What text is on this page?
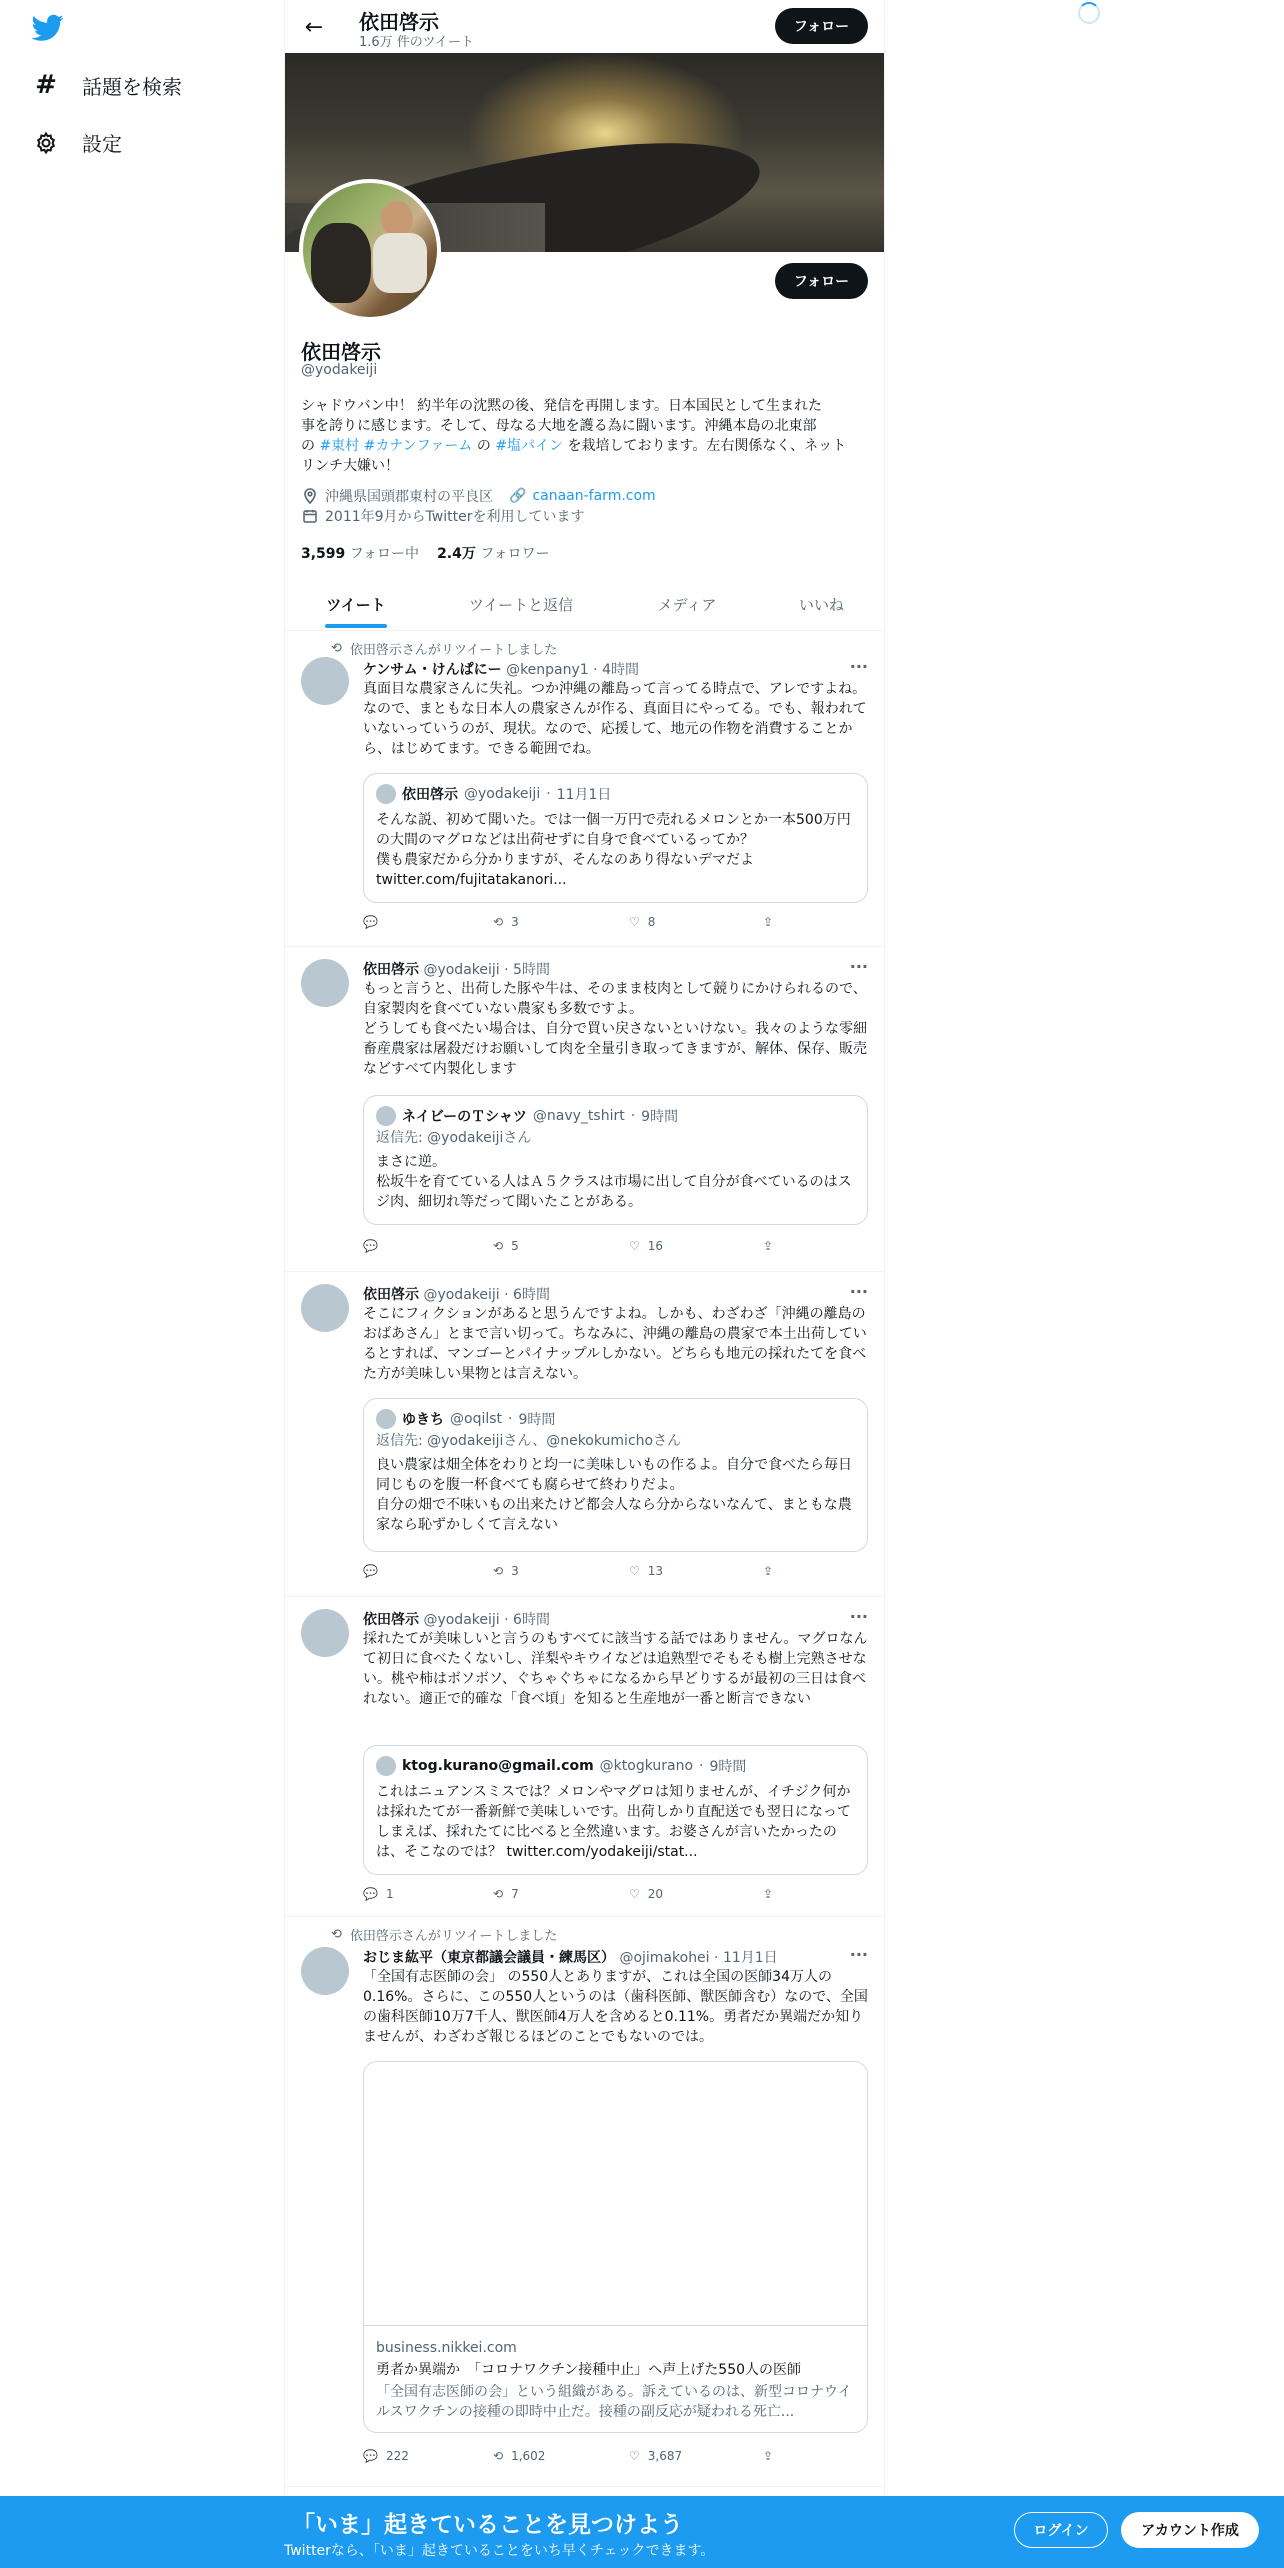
# 話題を検索
設定
←	依田啓示
1.6万 件のツイート
フォロー
フォロー
依田啓示
@yodakeiji
シャドウバン中！ 約半年の沈黙の後、発信を再開します。日本国民として生まれた
事を誇りに感じます。そして、母なる大地を護る為に闘います。沖縄本島の北東部
の #東村 #カナンファーム の #塩パイン を栽培しております。左右関係なく、ネット
リンチ大嫌い！
沖縄県国頭郡東村の平良区 🔗 canaan-farm.com
2011年9月からTwitterを利用しています
3,599 フォロー中 2.4万 フォロワー
ツイート	ツイートと返信	メディア	いいね
⟲ 依田啓示さんがリツイートしました
ケンサム・けんぱにー @kenpany1 · 4時間	···
真面目な農家さんに失礼。つか沖縄の離島って言ってる時点で、アレですよね。なので、まともな日本人の農家さんが作る、真面目にやってる。でも、報われていないっていうのが、現状。なので、応援して、地元の作物を消費することから、はじめてます。できる範囲でね。
依田啓示 @yodakeiji · 11月1日
そんな説、初めて聞いた。では一個一万円で売れるメロンとか一本500万円の大間のマグロなどは出荷せずに自身で食べているってか？
僕も農家だから分かりますが、そんなのあり得ないデマだよ
twitter.com/fujitatakanori...
💬	⟲ 3	♡ 8	⇪
依田啓示 @yodakeiji · 5時間	···
もっと言うと、出荷した豚や牛は、そのまま枝肉として競りにかけられるので、自家製肉を食べていない農家も多数ですよ。
どうしても食べたい場合は、自分で買い戻さないといけない。我々のような零細畜産農家は屠殺だけお願いして肉を全量引き取ってきますが、解体、保存、販売などすべて内製化します
ネイビーのＴシャツ @navy_tshirt · 9時間
返信先: @yodakeijiさん
まさに逆。
松坂牛を育てている人はＡ５クラスは市場に出して自分が食べているのはスジ肉、細切れ等だって聞いたことがある。
💬	⟲ 5	♡ 16	⇪
依田啓示 @yodakeiji · 6時間	···
そこにフィクションがあると思うんですよね。しかも、わざわざ「沖縄の離島のおばあさん」とまで言い切って。ちなみに、沖縄の離島の農家で本土出荷しているとすれば、マンゴーとパイナップルしかない。どちらも地元の採れたてを食べた方が美味しい果物とは言えない。
ゆきち @oqilst · 9時間
返信先: @yodakeijiさん、@nekokumichoさん
良い農家は畑全体をわりと均一に美味しいもの作るよ。自分で食べたら毎日同じものを腹一杯食べても腐らせて終わりだよ。
自分の畑で不味いもの出来たけど都会人なら分からないなんて、まともな農家なら恥ずかしくて言えない
💬	⟲ 3	♡ 13	⇪
依田啓示 @yodakeiji · 6時間	···
採れたてが美味しいと言うのもすべてに該当する話ではありません。マグロなんて初日に食べたくないし、洋梨やキウイなどは追熟型でそもそも樹上完熟させない。桃や柿はボソボソ、ぐちゃぐちゃになるから早どりするが最初の三日は食べれない。適正で的確な「食べ頃」を知ると生産地が一番と断言できない
ktog.kurano@gmail.com @ktogkurano · 9時間
これはニュアンスミスでは？メロンやマグロは知りませんが、イチジク何かは採れたてが一番新鮮で美味しいです。出荷しかり直配送でも翌日になってしまえば、採れたてに比べると全然違います。お婆さんが言いたかったのは、そこなのでは？ twitter.com/yodakeiji/stat...
💬 1	⟲ 7	♡ 20	⇪
⟲ 依田啓示さんがリツイートしました
おじま紘平（東京都議会議員・練馬区） @ojimakohei · 11月1日	···
「全国有志医師の会」 の550人とありますが、これは全国の医師34万人の0.16%。さらに、この550人というのは（歯科医師、獣医師含む）なので、全国の歯科医師10万7千人、獣医師4万人を含めると0.11%。勇者だか異端だか知りませんが、わざわざ報じるほどのことでもないのでは。
business.nikkei.com
勇者か異端か　「コロナワクチン接種中止」へ声上げた550人の医師
「全国有志医師の会」という組織がある。訴えているのは、新型コロナウイルスワクチンの接種の即時中止だ。接種の副反応が疑われる死亡...
💬 222	⟲ 1,602	♡ 3,687	⇪
「いま」起きていることを見つけよう
Twitterなら、「いま」起きていることをいち早くチェックできます。
ログイン	アカウント作成
